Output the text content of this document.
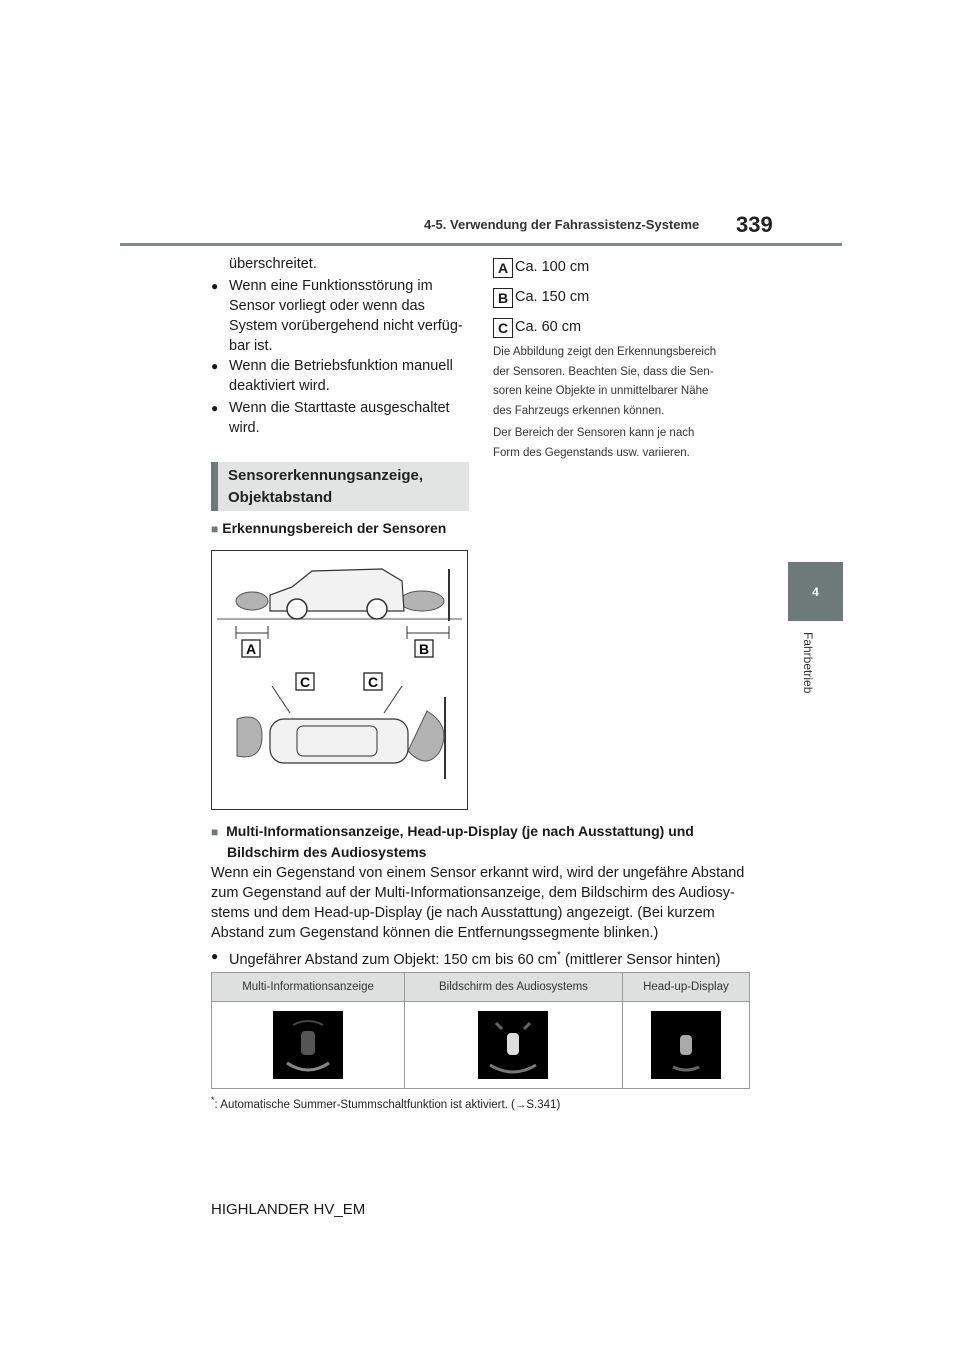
4-5. Verwendung der Fahrassistenz-Systeme 339
4
Fahrbetrieb
überschreitet.
● Wenn eine Funktionsstörung im
Sensor vorliegt oder wenn das
System vorübergehend nicht verfüg-
bar ist.
● Wenn die Betriebsfunktion manuell
deaktiviert wird.
● Wenn die Starttaste ausgeschaltet
wird.
Sensorerkennungsanzeige,
Objektabstand
■ Erkennungsbereich der Sensoren
A	B
C	C
A Ca. 100 cm
B Ca. 150 cm
C Ca. 60 cm
Die Abbildung zeigt den Erkennungsbereich
der Sensoren. Beachten Sie, dass die Sen-
soren keine Objekte in unmittelbarer Nähe
des Fahrzeugs erkennen können.
Der Bereich der Sensoren kann je nach
Form des Gegenstands usw. variieren.
■ Multi-Informationsanzeige, Head-up-Display (je nach Ausstattung) und
Bildschirm des Audiosystems
Wenn ein Gegenstand von einem Sensor erkannt wird, wird der ungefähre Abstand
zum Gegenstand auf der Multi-Informationsanzeige, dem Bildschirm des Audiosy-
stems und dem Head-up-Display (je nach Ausstattung) angezeigt. (Bei kurzem
Abstand zum Gegenstand können die Entfernungssegmente blinken.)
● Ungefährer Abstand zum Objekt: 150 cm bis 60 cm* (mittlerer Sensor hinten)
Multi-Informationsanzeige	Bildschirm des Audiosystems	Head-up-Display

*: Automatische Summer-Stummschaltfunktion ist aktiviert. (→S.341)
HIGHLANDER HV_EM
